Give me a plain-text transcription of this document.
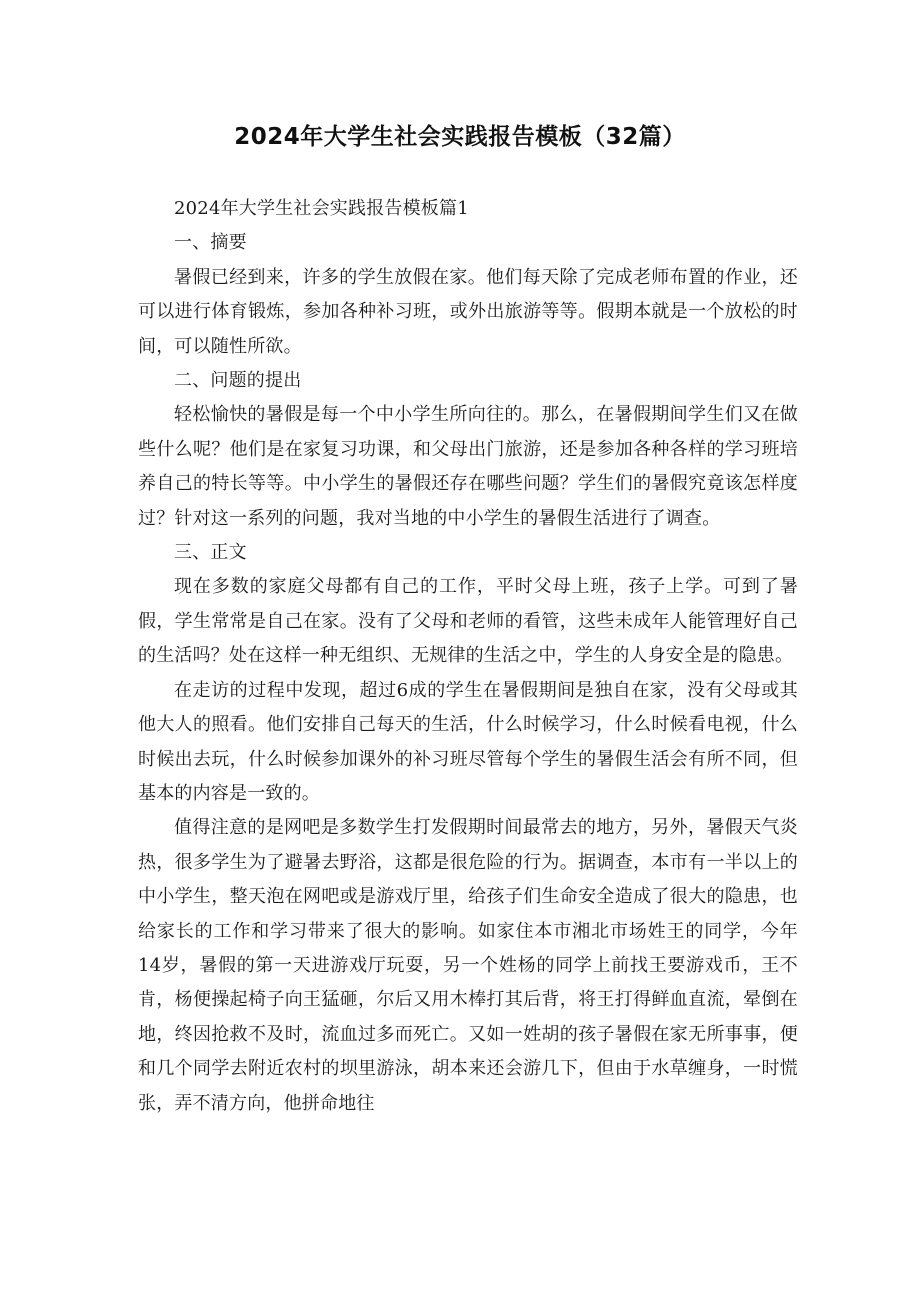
2024年大学生社会实践报告模板（32篇）

2024年大学生社会实践报告模板篇1

一、摘要

暑假已经到来，许多的学生放假在家。他们每天除了完成老师布置的作业，还可以进行体育锻炼，参加各种补习班，或外出旅游等等。假期本就是一个放松的时间，可以随性所欲。

二、问题的提出

轻松愉快的暑假是每一个中小学生所向往的。那么，在暑假期间学生们又在做些什么呢？他们是在家复习功课，和父母出门旅游，还是参加各种各样的学习班培养自己的特长等等。中小学生的暑假还存在哪些问题？学生们的暑假究竟该怎样度过？针对这一系列的问题，我对当地的中小学生的暑假生活进行了调查。

三、正文

现在多数的家庭父母都有自己的工作，平时父母上班，孩子上学。可到了暑假，学生常常是自己在家。没有了父母和老师的看管，这些未成年人能管理好自己的生活吗？处在这样一种无组织、无规律的生活之中，学生的人身安全是的隐患。

在走访的过程中发现，超过6成的学生在暑假期间是独自在家，没有父母或其他大人的照看。他们安排自己每天的生活，什么时候学习，什么时候看电视，什么时候出去玩，什么时候参加课外的补习班尽管每个学生的暑假生活会有所不同，但基本的内容是一致的。

值得注意的是网吧是多数学生打发假期时间最常去的地方，另外，暑假天气炎热，很多学生为了避暑去野浴，这都是很危险的行为。据调查，本市有一半以上的中小学生，整天泡在网吧或是游戏厅里，给孩子们生命安全造成了很大的隐患，也给家长的工作和学习带来了很大的影响。如家住本市湘北市场姓王的同学，今年14岁，暑假的第一天进游戏厅玩耍，另一个姓杨的同学上前找王要游戏币，王不肯，杨便操起椅子向王猛砸，尔后又用木棒打其后背，将王打得鲜血直流，晕倒在地，终因抢救不及时，流血过多而死亡。又如一姓胡的孩子暑假在家无所事事，便和几个同学去附近农村的坝里游泳，胡本来还会游几下，但由于水草缠身，一时慌张，弄不清方向，他拼命地往
